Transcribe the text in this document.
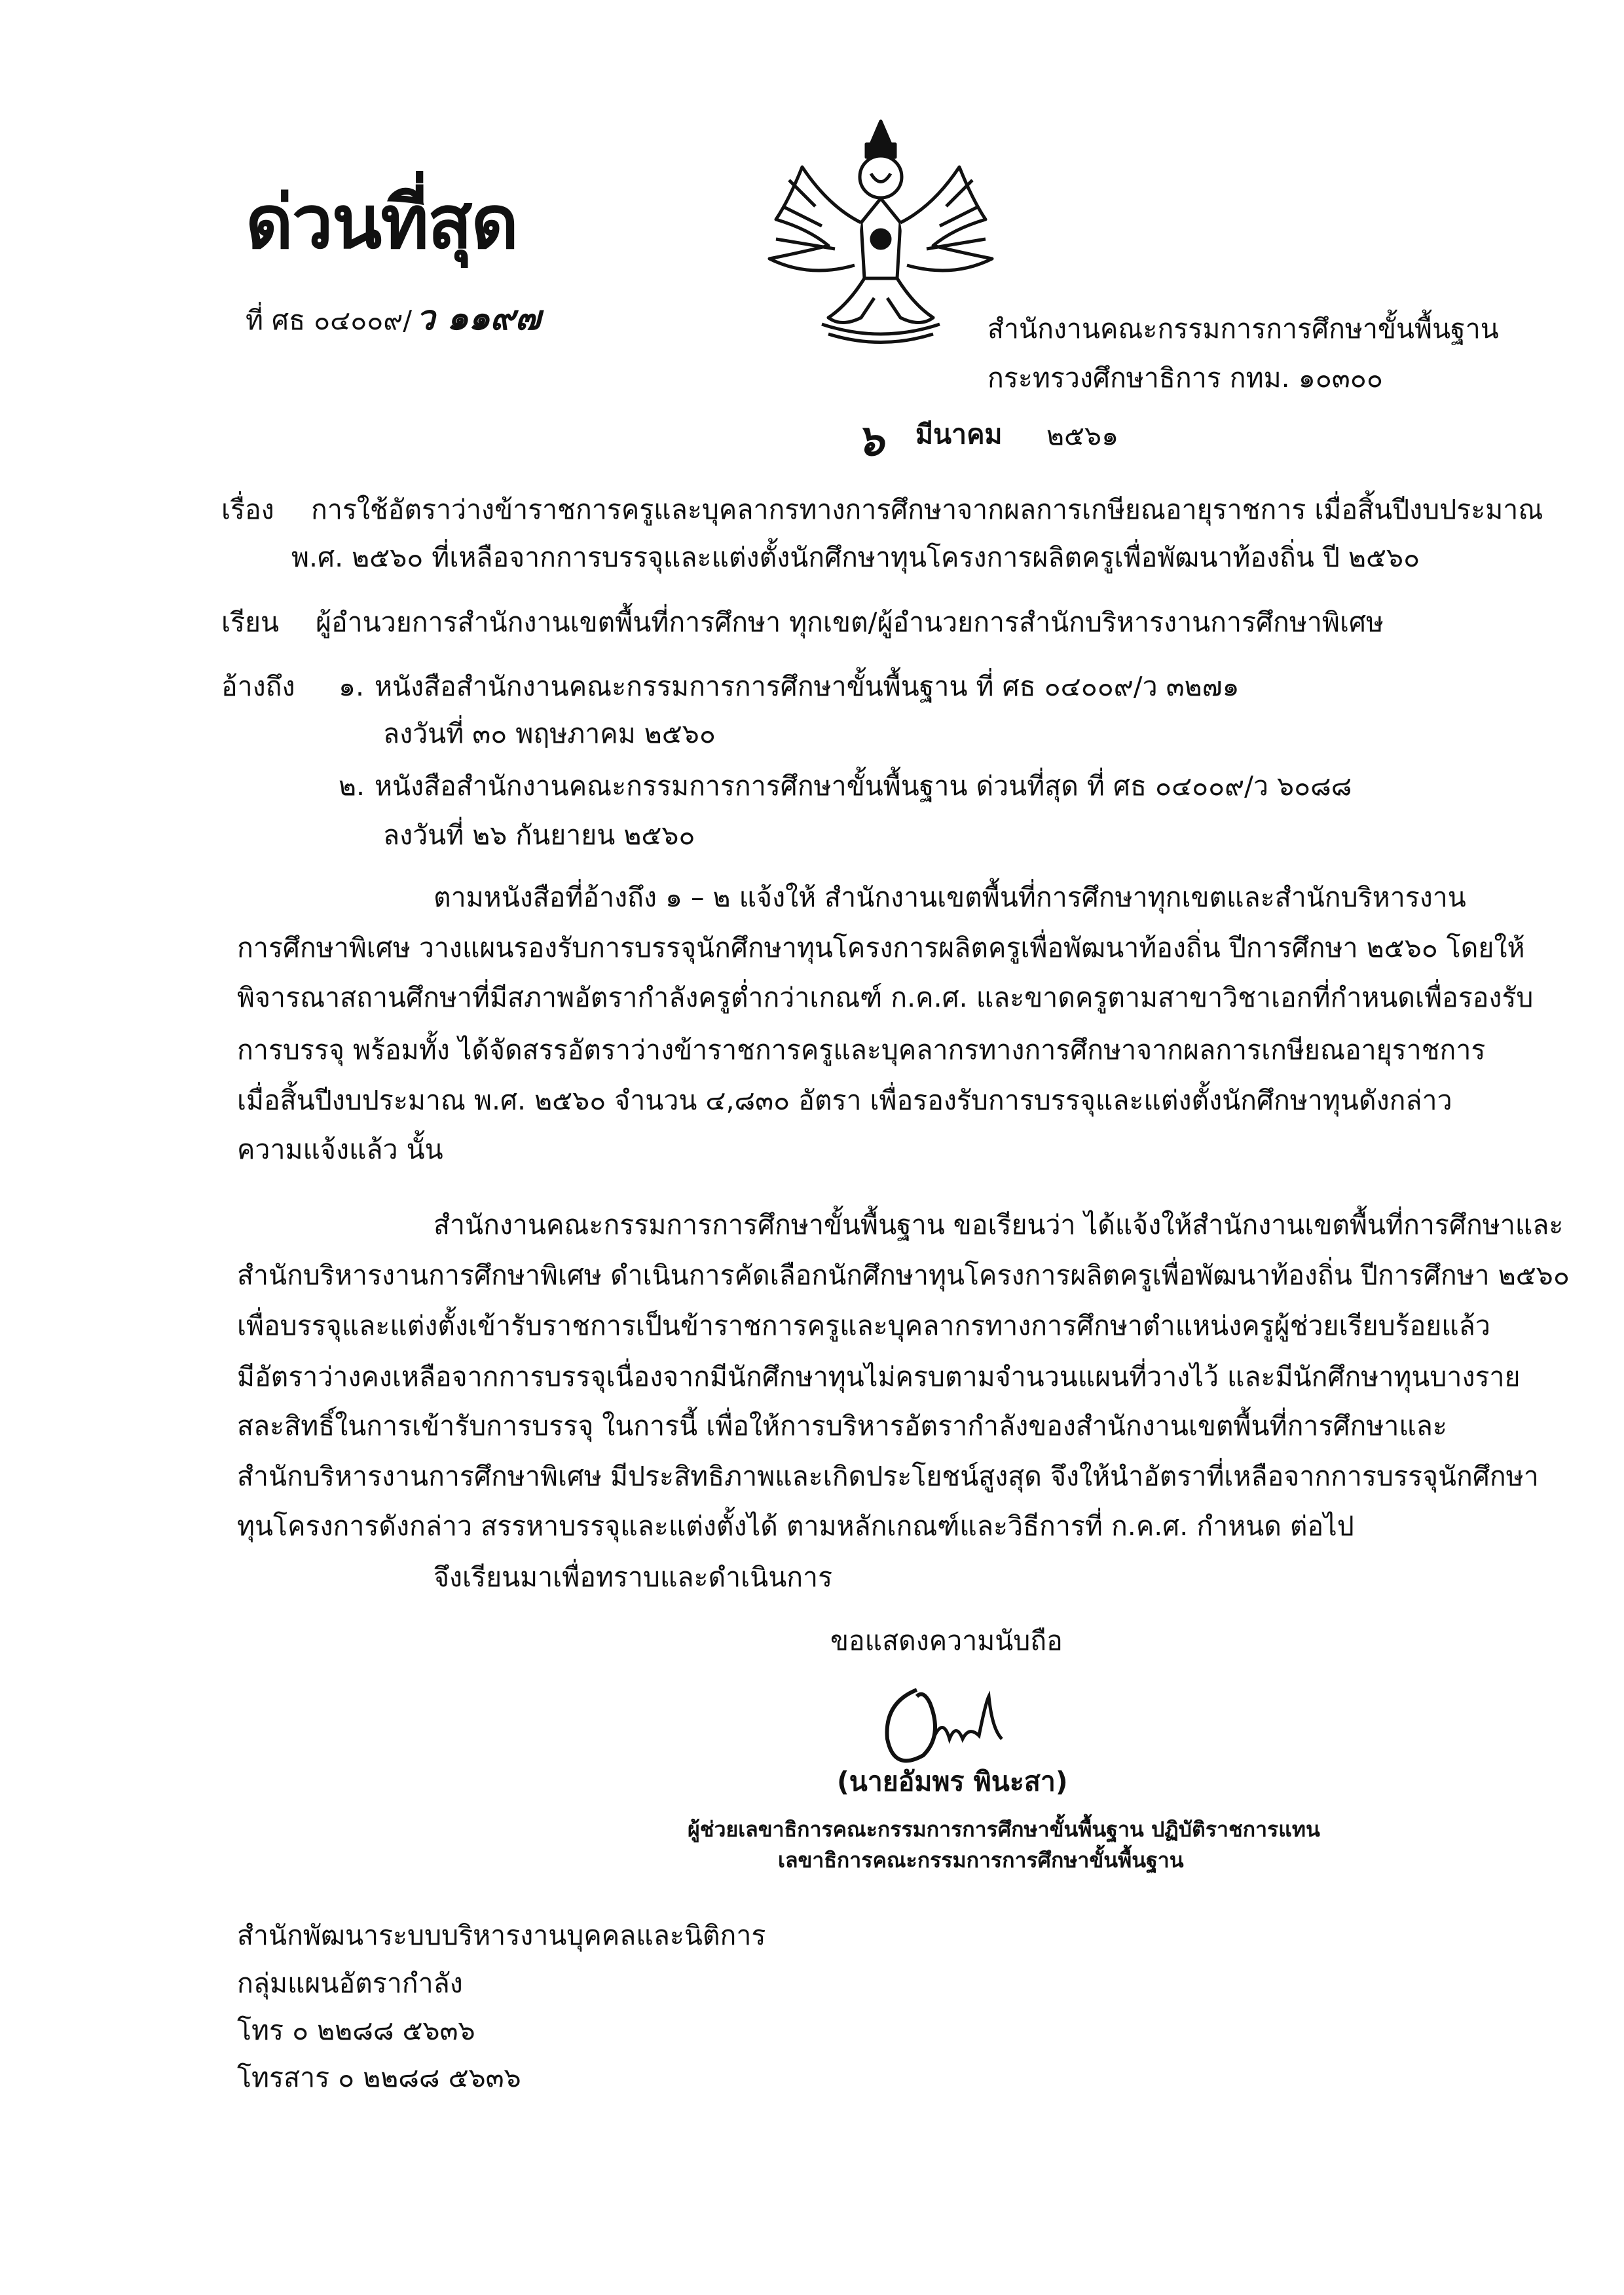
ด่วนที่สุด
ที่ ศธ ๐๔๐๐๙/ ว ๑๑๙๗	สำนักงานคณะกรรมการการศึกษาขั้นพื้นฐาน
กระทรวงศึกษาธิการ กทม. ๑๐๓๐๐
๖ มีนาคม ๒๕๖๑
เรื่อง การใช้อัตราว่างข้าราชการครูและบุคลากรทางการศึกษาจากผลการเกษียณอายุราชการ เมื่อสิ้นปีงบประมาณ
พ.ศ. ๒๕๖๐ ที่เหลือจากการบรรจุและแต่งตั้งนักศึกษาทุนโครงการผลิตครูเพื่อพัฒนาท้องถิ่น ปี ๒๕๖๐
เรียน ผู้อำนวยการสำนักงานเขตพื้นที่การศึกษา ทุกเขต/ผู้อำนวยการสำนักบริหารงานการศึกษาพิเศษ
อ้างถึง ๑. หนังสือสำนักงานคณะกรรมการการศึกษาขั้นพื้นฐาน ที่ ศธ ๐๔๐๐๙/ว ๓๒๗๑
ลงวันที่ ๓๐ พฤษภาคม ๒๕๖๐
๒. หนังสือสำนักงานคณะกรรมการการศึกษาขั้นพื้นฐาน ด่วนที่สุด ที่ ศธ ๐๔๐๐๙/ว ๖๐๘๘
ลงวันที่ ๒๖ กันยายน ๒๕๖๐
ตามหนังสือที่อ้างถึง ๑ – ๒ แจ้งให้ สำนักงานเขตพื้นที่การศึกษาทุกเขตและสำนักบริหารงาน
การศึกษาพิเศษ วางแผนรองรับการบรรจุนักศึกษาทุนโครงการผลิตครูเพื่อพัฒนาท้องถิ่น ปีการศึกษา ๒๕๖๐ โดยให้
พิจารณาสถานศึกษาที่มีสภาพอัตรากำลังครูต่ำกว่าเกณฑ์ ก.ค.ศ. และขาดครูตามสาขาวิชาเอกที่กำหนดเพื่อรองรับ
การบรรจุ พร้อมทั้ง ได้จัดสรรอัตราว่างข้าราชการครูและบุคลากรทางการศึกษาจากผลการเกษียณอายุราชการ
เมื่อสิ้นปีงบประมาณ พ.ศ. ๒๕๖๐ จำนวน ๔,๘๓๐ อัตรา เพื่อรองรับการบรรจุและแต่งตั้งนักศึกษาทุนดังกล่าว
ความแจ้งแล้ว นั้น
สำนักงานคณะกรรมการการศึกษาขั้นพื้นฐาน ขอเรียนว่า ได้แจ้งให้สำนักงานเขตพื้นที่การศึกษาและ
สำนักบริหารงานการศึกษาพิเศษ ดำเนินการคัดเลือกนักศึกษาทุนโครงการผลิตครูเพื่อพัฒนาท้องถิ่น ปีการศึกษา ๒๕๖๐
เพื่อบรรจุและแต่งตั้งเข้ารับราชการเป็นข้าราชการครูและบุคลากรทางการศึกษาตำแหน่งครูผู้ช่วยเรียบร้อยแล้ว
มีอัตราว่างคงเหลือจากการบรรจุเนื่องจากมีนักศึกษาทุนไม่ครบตามจำนวนแผนที่วางไว้ และมีนักศึกษาทุนบางราย
สละสิทธิ์ในการเข้ารับการบรรจุ ในการนี้ เพื่อให้การบริหารอัตรากำลังของสำนักงานเขตพื้นที่การศึกษาและ
สำนักบริหารงานการศึกษาพิเศษ มีประสิทธิภาพและเกิดประโยชน์สูงสุด จึงให้นำอัตราที่เหลือจากการบรรจุนักศึกษา
ทุนโครงการดังกล่าว สรรหาบรรจุและแต่งตั้งได้ ตามหลักเกณฑ์และวิธีการที่ ก.ค.ศ. กำหนด ต่อไป
จึงเรียนมาเพื่อทราบและดำเนินการ
ขอแสดงความนับถือ
(นายอัมพร พินะสา)
ผู้ช่วยเลขาธิการคณะกรรมการการศึกษาขั้นพื้นฐาน ปฏิบัติราชการแทน
เลขาธิการคณะกรรมการการศึกษาขั้นพื้นฐาน
สำนักพัฒนาระบบบริหารงานบุคคลและนิติการ
กลุ่มแผนอัตรากำลัง
โทร ๐ ๒๒๘๘ ๕๖๓๖
โทรสาร ๐ ๒๒๘๘ ๕๖๓๖
